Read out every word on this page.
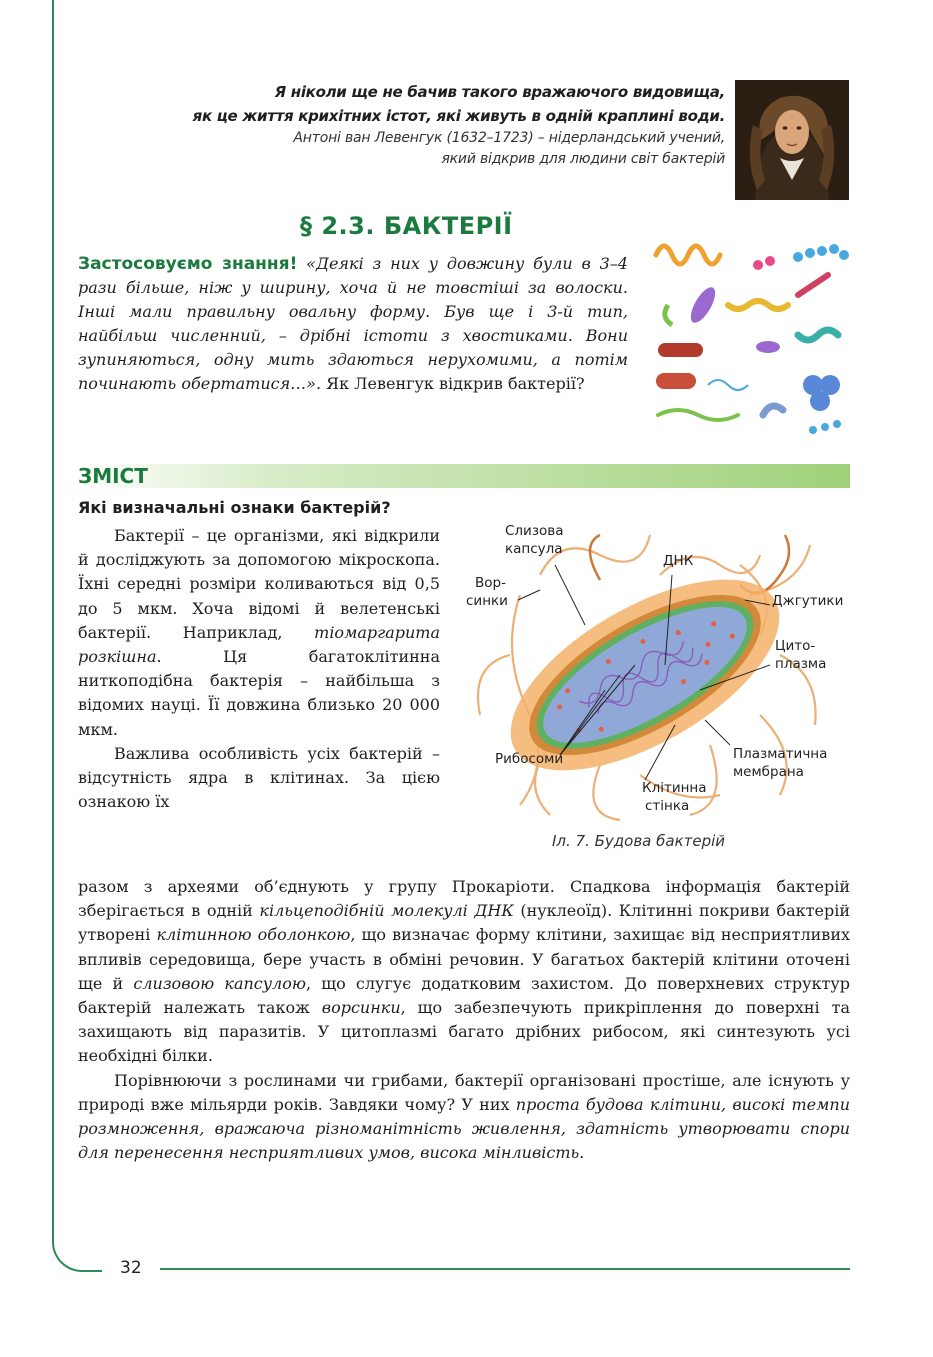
32
Я ніколи ще не бачив такого вражаючого видовища,
як це життя крихітних істот, які живуть в одній краплині води.
Антоні ван Левенгук (1632–1723) – нідерландський учений,
який відкрив для людини світ бактерій
§ 2.3. БАКТЕРІЇ
Застосовуємо знання! «Деякі з них у довжину були в 3–4 рази більше, ніж у ширину, хоча й не товстіші за волоски. Інші мали правильну овальну форму. Був ще і 3-й тип, найбільш численний, – дрібні істоти з хвостиками. Вони зупиняються, одну мить здаються нерухомими, а потім починають обертатися…». Як Левенгук відкрив бактерії?
ЗМІСТ
Які визначальні ознаки бактерій?

Бактерії – це організми, які відкрили й досліджують за допомогою мікроскопа. Їхні середні розміри коливаються від 0,5 до 5 мкм. Хоча відомі й велетенські бактерії. Наприклад, тіомаргарита розкішна. Ця багатоклітинна ниткоподібна бактерія – найбільша з відомих науці. Її довжина близько 20 000 мкм.

Важлива особливість усіх бактерій – відсутність ядра в клітинах. За цією ознакою їх

Слизова
капсула
ДНК
Вор-
синки	Джгутики
Цито-
плазма
Рибосоми	Плазматична
мембрана
Клітинна
стінка
Іл. 7. Будова бактерій

разом з археями об’єднують у групу Прокаріоти. Спадкова інформація бактерій зберігається в одній кільцеподібній молекулі ДНК (нуклеоїд). Клітинні покриви бактерій утворені клітинною оболонкою, що визначає форму клітини, захищає від несприятливих впливів середовища, бере участь в обміні речовин. У багатьох бактерій клітини оточені ще й слизовою капсулою, що слугує додатковим захистом. До поверхневих структур бактерій належать також ворсинки, що забезпечують прикріплення до поверхні та захищають від паразитів. У цитоплазмі багато дрібних рибосом, які синтезують усі необхідні білки.

Порівнюючи з рослинами чи грибами, бактерії організовані простіше, але існують у природі вже мільярди років. Завдяки чому? У них проста будова клітини, високі темпи розмноження, вражаюча різноманітність живлення, здатність утворювати спори для перенесення несприятливих умов, висока мінливість.
